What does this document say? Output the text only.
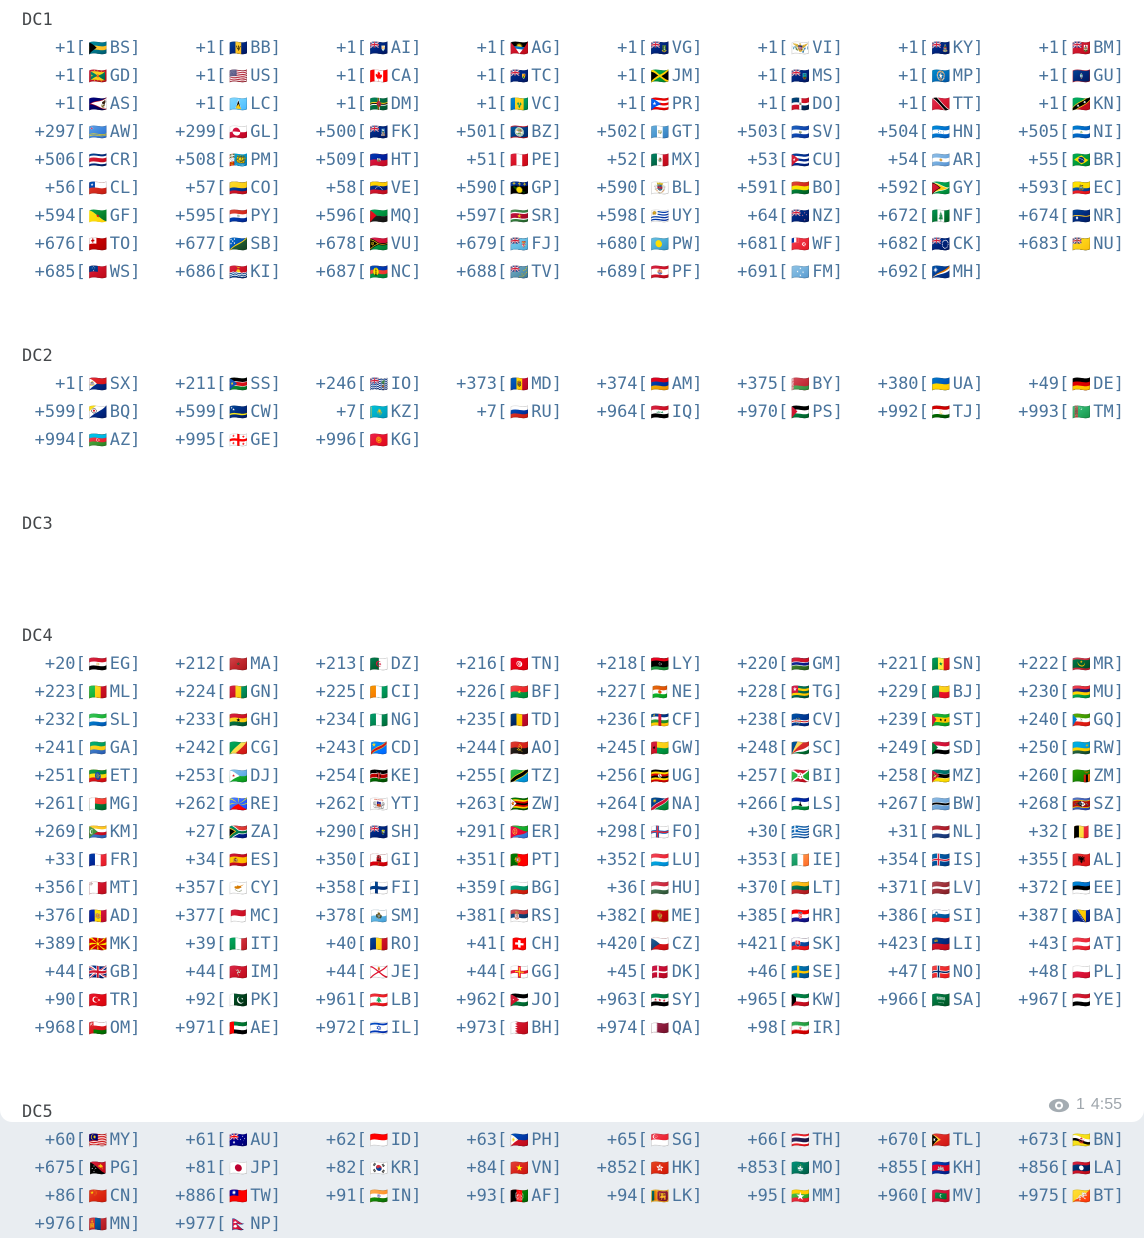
DC1
+1[ 🇧🇸 BS]	+1[ 🇧🇧 BB]	+1[ 🇦🇮 AI]	+1[ 🇦🇬 AG]	+1[ 🇻🇬 VG]	+1[ 🇻🇮 VI]	+1[ 🇰🇾 KY]	+1[ 🇧🇲 BM]
+1[ 🇬🇩 GD]	+1[ 🇺🇸 US]	+1[ 🇨🇦 CA]	+1[ 🇹🇨 TC]	+1[ 🇯🇲 JM]	+1[ 🇲🇸 MS]	+1[ 🇲🇵 MP]	+1[ 🇬🇺 GU]
+1[ 🇦🇸 AS]	+1[ 🇱🇨 LC]	+1[ 🇩🇲 DM]	+1[ 🇻🇨 VC]	+1[ 🇵🇷 PR]	+1[ 🇩🇴 DO]	+1[ 🇹🇹 TT]	+1[ 🇰🇳 KN]
+297[ 🇦🇼 AW] +299[ 🇬🇱 GL] +500[ 🇫🇰 FK] +501[ 🇧🇿 BZ] +502[ 🇬🇹 GT] +503[ 🇸🇻 SV] +504[ 🇭🇳 HN] +505[ 🇳🇮 NI]
+506[ 🇨🇷 CR] +508[ 🇵🇲 PM] +509[ 🇭🇹 HT]	+51[ 🇵🇪 PE]	+52[ 🇲🇽 MX]	+53[ 🇨🇺 CU]	+54[ 🇦🇷 AR]	+55[ 🇧🇷 BR]
+56[ 🇨🇱 CL]	+57[ 🇨🇴 CO]	+58[ 🇻🇪 VE] +590[ 🇬🇵 GP] +590[ 🇧🇱 BL] +591[ 🇧🇴 BO] +592[ 🇬🇾 GY] +593[ 🇪🇨 EC]
+594[ 🇬🇫 GF] +595[ 🇵🇾 PY] +596[ 🇲🇶 MQ] +597[ 🇸🇷 SR] +598[ 🇺🇾 UY]	+64[ 🇳🇿 NZ] +672[ 🇳🇫 NF] +674[ 🇳🇷 NR]
+676[ 🇹🇴 TO] +677[ 🇸🇧 SB] +678[ 🇻🇺 VU] +679[ 🇫🇯 FJ] +680[ 🇵🇼 PW] +681[ 🇼🇫 WF] +682[ 🇨🇰 CK] +683[ 🇳🇺 NU]
+685[ 🇼🇸 WS] +686[ 🇰🇮 KI] +687[ 🇳🇨 NC] +688[ 🇹🇻 TV] +689[ 🇵🇫 PF] +691[ 🇫🇲 FM] +692[ 🇲🇭 MH]
DC2
+1[ 🇸🇽 SX] +211[ 🇸🇸 SS] +246[ 🇮🇴 IO] +373[ 🇲🇩 MD] +374[ 🇦🇲 AM] +375[ 🇧🇾 BY] +380[ 🇺🇦 UA]	+49[ 🇩🇪 DE]
+599[ 🇧🇶 BQ] +599[ 🇨🇼 CW]	+7[ 🇰🇿 KZ]	+7[ 🇷🇺 RU] +964[ 🇮🇶 IQ] +970[ 🇵🇸 PS] +992[ 🇹🇯 TJ] +993[ 🇹🇲 TM]
+994[ 🇦🇿 AZ] +995[ 🇬🇪 GE] +996[ 🇰🇬 KG]
DC3
DC4
+20[ 🇪🇬 EG] +212[ 🇲🇦 MA] +213[ 🇩🇿 DZ] +216[ 🇹🇳 TN] +218[ 🇱🇾 LY] +220[ 🇬🇲 GM] +221[ 🇸🇳 SN] +222[ 🇲🇷 MR]
+223[ 🇲🇱 ML] +224[ 🇬🇳 GN] +225[ 🇨🇮 CI] +226[ 🇧🇫 BF] +227[ 🇳🇪 NE] +228[ 🇹🇬 TG] +229[ 🇧🇯 BJ] +230[ 🇲🇺 MU]
+232[ 🇸🇱 SL] +233[ 🇬🇭 GH] +234[ 🇳🇬 NG] +235[ 🇹🇩 TD] +236[ 🇨🇫 CF] +238[ 🇨🇻 CV] +239[ 🇸🇹 ST] +240[ 🇬🇶 GQ]
+241[ 🇬🇦 GA] +242[ 🇨🇬 CG] +243[ 🇨🇩 CD] +244[ 🇦🇴 AO] +245[ 🇬🇼 GW] +248[ 🇸🇨 SC] +249[ 🇸🇩 SD] +250[ 🇷🇼 RW]
+251[ 🇪🇹 ET] +253[ 🇩🇯 DJ] +254[ 🇰🇪 KE] +255[ 🇹🇿 TZ] +256[ 🇺🇬 UG] +257[ 🇧🇮 BI] +258[ 🇲🇿 MZ] +260[ 🇿🇲 ZM]
+261[ 🇲🇬 MG] +262[ 🇷🇪 RE] +262[ 🇾🇹 YT] +263[ 🇿🇼 ZW] +264[ 🇳🇦 NA] +266[ 🇱🇸 LS] +267[ 🇧🇼 BW] +268[ 🇸🇿 SZ]
+269[ 🇰🇲 KM]	+27[ 🇿🇦 ZA] +290[ 🇸🇭 SH] +291[ 🇪🇷 ER] +298[ 🇫🇴 FO]	+30[ 🇬🇷 GR]	+31[ 🇳🇱 NL]	+32[ 🇧🇪 BE]
+33[ 🇫🇷 FR]	+34[ 🇪🇸 ES] +350[ 🇬🇮 GI] +351[ 🇵🇹 PT] +352[ 🇱🇺 LU] +353[ 🇮🇪 IE] +354[ 🇮🇸 IS] +355[ 🇦🇱 AL]
+356[ 🇲🇹 MT] +357[ 🇨🇾 CY] +358[ 🇫🇮 FI] +359[ 🇧🇬 BG]	+36[ 🇭🇺 HU] +370[ 🇱🇹 LT] +371[ 🇱🇻 LV] +372[ 🇪🇪 EE]
+376[ 🇦🇩 AD] +377[ 🇲🇨 MC] +378[ 🇸🇲 SM] +381[ 🇷🇸 RS] +382[ 🇲🇪 ME] +385[ 🇭🇷 HR] +386[ 🇸🇮 SI] +387[ 🇧🇦 BA]
+389[ 🇲🇰 MK]	+39[ 🇮🇹 IT]	+40[ 🇷🇴 RO]	+41[ 🇨🇭 CH] +420[ 🇨🇿 CZ] +421[ 🇸🇰 SK] +423[ 🇱🇮 LI]	+43[ 🇦🇹 AT]
+44[ 🇬🇧 GB]	+44[ 🇮🇲 IM]	+44[ 🇯🇪 JE]	+44[ 🇬🇬 GG]	+45[ 🇩🇰 DK]	+46[ 🇸🇪 SE]	+47[ 🇳🇴 NO]	+48[ 🇵🇱 PL]
+90[ 🇹🇷 TR]	+92[ 🇵🇰 PK] +961[ 🇱🇧 LB] +962[ 🇯🇴 JO] +963[ 🇸🇾 SY] +965[ 🇰🇼 KW] +966[ 🇸🇦 SA] +967[ 🇾🇪 YE]
+968[ 🇴🇲 OM] +971[ 🇦🇪 AE] +972[ 🇮🇱 IL] +973[ 🇧🇭 BH] +974[ 🇶🇦 QA]	+98[ 🇮🇷 IR]
DC5
+60[ 🇲🇾 MY]	+61[ 🇦🇺 AU]	+62[ 🇮🇩 ID]	+63[ 🇵🇭 PH]	+65[ 🇸🇬 SG]	+66[ 🇹🇭 TH] +670[ 🇹🇱 TL] +673[ 🇧🇳 BN]
+675[ 🇵🇬 PG]	+81[ 🇯🇵 JP]	+82[ 🇰🇷 KR]	+84[ 🇻🇳 VN] +852[ 🇭🇰 HK] +853[ 🇲🇴 MO] +855[ 🇰🇭 KH] +856[ 🇱🇦 LA]
+86[ 🇨🇳 CN] +886[ 🇹🇼 TW]	+91[ 🇮🇳 IN]	+93[ 🇦🇫 AF]	+94[ 🇱🇰 LK]	+95[ 🇲🇲 MM] +960[ 🇲🇻 MV] +975[ 🇧🇹 BT]
+976[ 🇲🇳 MN] +977[ 🇳🇵 NP]
1 4:55
